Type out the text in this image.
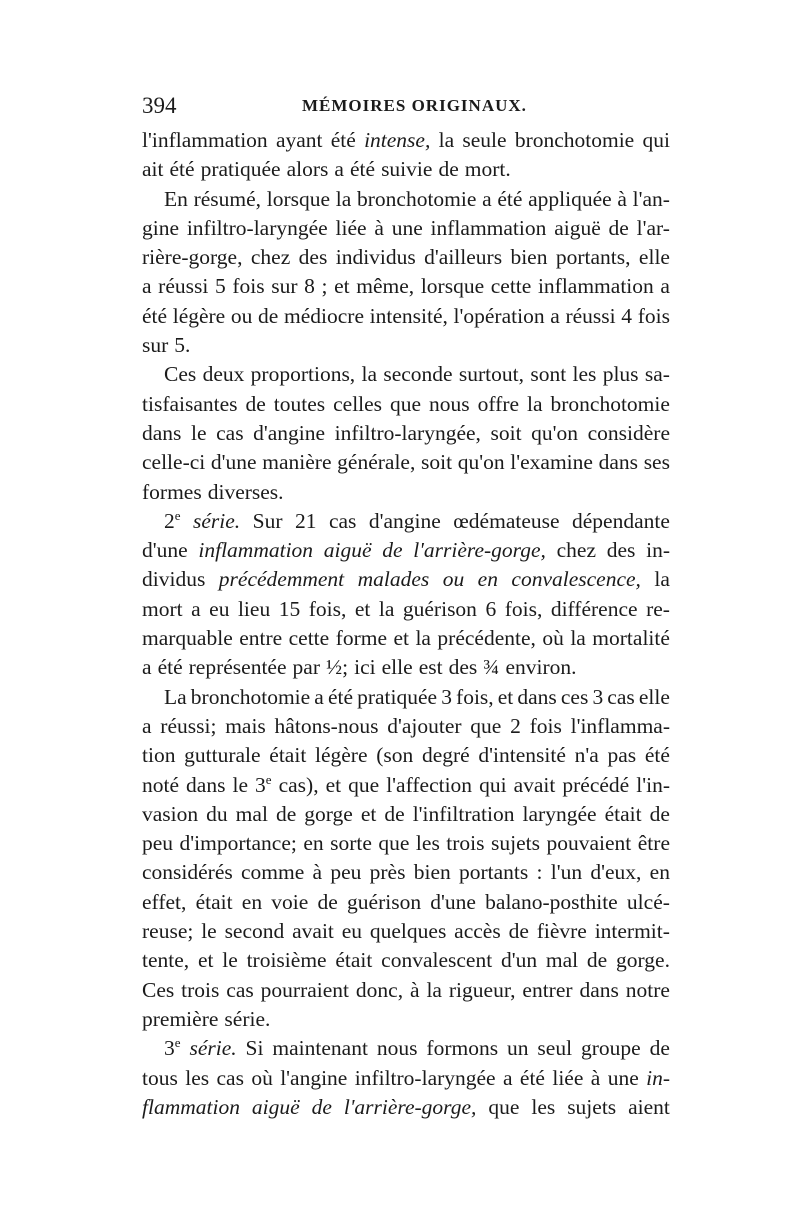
394	MÉMOIRES ORIGINAUX.
l'inflammation ayant été intense, la seule bronchotomie qui
ait été pratiquée alors a été suivie de mort.
En résumé, lorsque la bronchotomie a été appliquée à l'an-
gine infiltro-laryngée liée à une inflammation aiguë de l'ar-
rière-gorge, chez des individus d'ailleurs bien portants, elle
a réussi 5 fois sur 8 ; et même, lorsque cette inflammation a
été légère ou de médiocre intensité, l'opération a réussi 4 fois
sur 5.
Ces deux proportions, la seconde surtout, sont les plus sa-
tisfaisantes de toutes celles que nous offre la bronchotomie
dans le cas d'angine infiltro-laryngée, soit qu'on considère
celle-ci d'une manière générale, soit qu'on l'examine dans ses
formes diverses.
2e série. Sur 21 cas d'angine œdémateuse dépendante
d'une inflammation aiguë de l'arrière-gorge, chez des in-
dividus précédemment malades ou en convalescence, la
mort a eu lieu 15 fois, et la guérison 6 fois, différence re-
marquable entre cette forme et la précédente, où la mortalité
a été représentée par ½; ici elle est des ¾ environ.
La bronchotomie a été pratiquée 3 fois, et dans ces 3 cas elle
a réussi; mais hâtons-nous d'ajouter que 2 fois l'inflamma-
tion gutturale était légère (son degré d'intensité n'a pas été
noté dans le 3e cas), et que l'affection qui avait précédé l'in-
vasion du mal de gorge et de l'infiltration laryngée était de
peu d'importance; en sorte que les trois sujets pouvaient être
considérés comme à peu près bien portants : l'un d'eux, en
effet, était en voie de guérison d'une balano-posthite ulcé-
reuse; le second avait eu quelques accès de fièvre intermit-
tente, et le troisième était convalescent d'un mal de gorge.
Ces trois cas pourraient donc, à la rigueur, entrer dans notre
première série.
3e série. Si maintenant nous formons un seul groupe de
tous les cas où l'angine infiltro-laryngée a été liée à une in-
flammation aiguë de l'arrière-gorge, que les sujets aient
